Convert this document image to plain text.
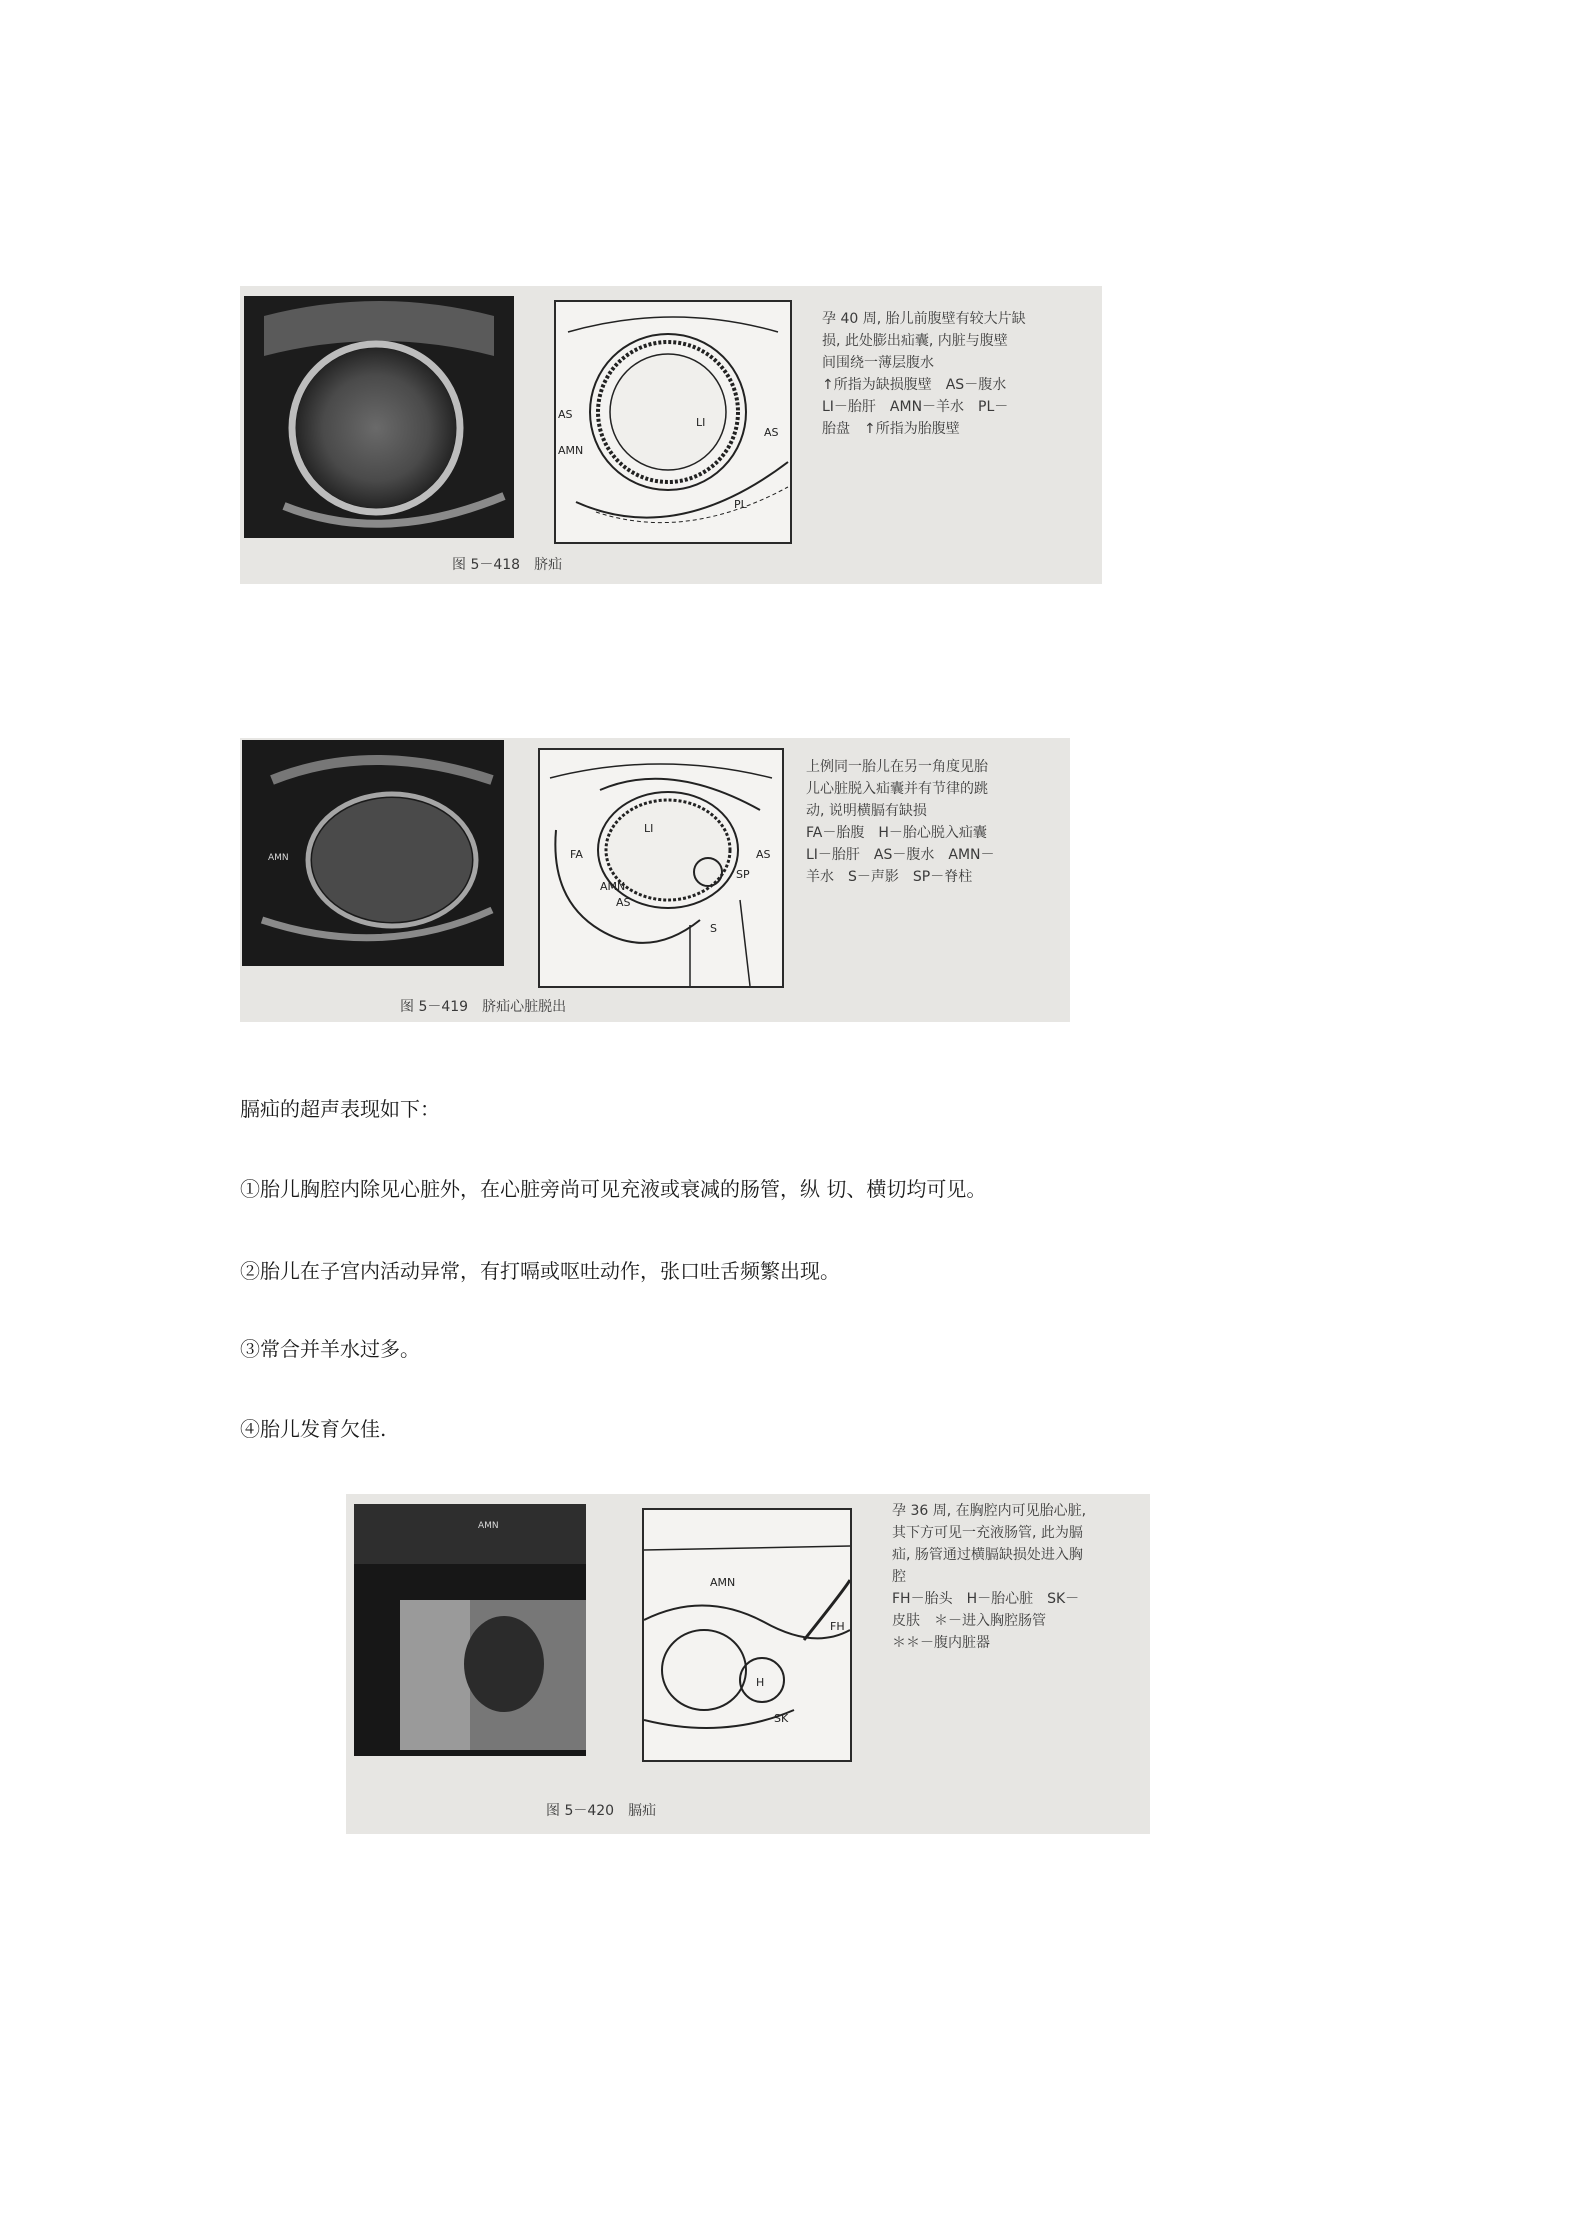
LI
AS
AS
AMN
PL
孕 40 周, 胎儿前腹壁有较大片缺
损, 此处膨出疝囊, 内脏与腹壁
间围绕一薄层腹水
↑所指为缺损腹壁　AS－腹水
LI－胎肝　AMN－羊水　PL－
胎盘　↑所指为胎腹壁
图 5－418 脐疝
AMN
LI
FA
AMN
AS
AS
SP
S
上例同一胎儿在另一角度见胎
儿心脏脱入疝囊并有节律的跳
动, 说明横膈有缺损
FA－胎腹　H－胎心脱入疝囊
LI－胎肝　AS－腹水　AMN－
羊水　S－声影　SP－脊柱
图 5－419 脐疝心脏脱出

膈疝的超声表现如下：

①胎儿胸腔内除见心脏外，在心脏旁尚可见充液或衰减的肠管，纵 切、横切均可见。

②胎儿在子宫内活动异常，有打嗝或呕吐动作，张口吐舌频繁出现。

③常合并羊水过多。

④胎儿发育欠佳.

AMN
AMN
H
SK
FH
孕 36 周, 在胸腔内可见胎心脏,
其下方可见一充液肠管, 此为膈
疝, 肠管通过横膈缺损处进入胸
腔
FH－胎头　H－胎心脏　SK－
皮肤　＊－进入胸腔肠管
＊＊－腹内脏器
图 5－420 膈疝
